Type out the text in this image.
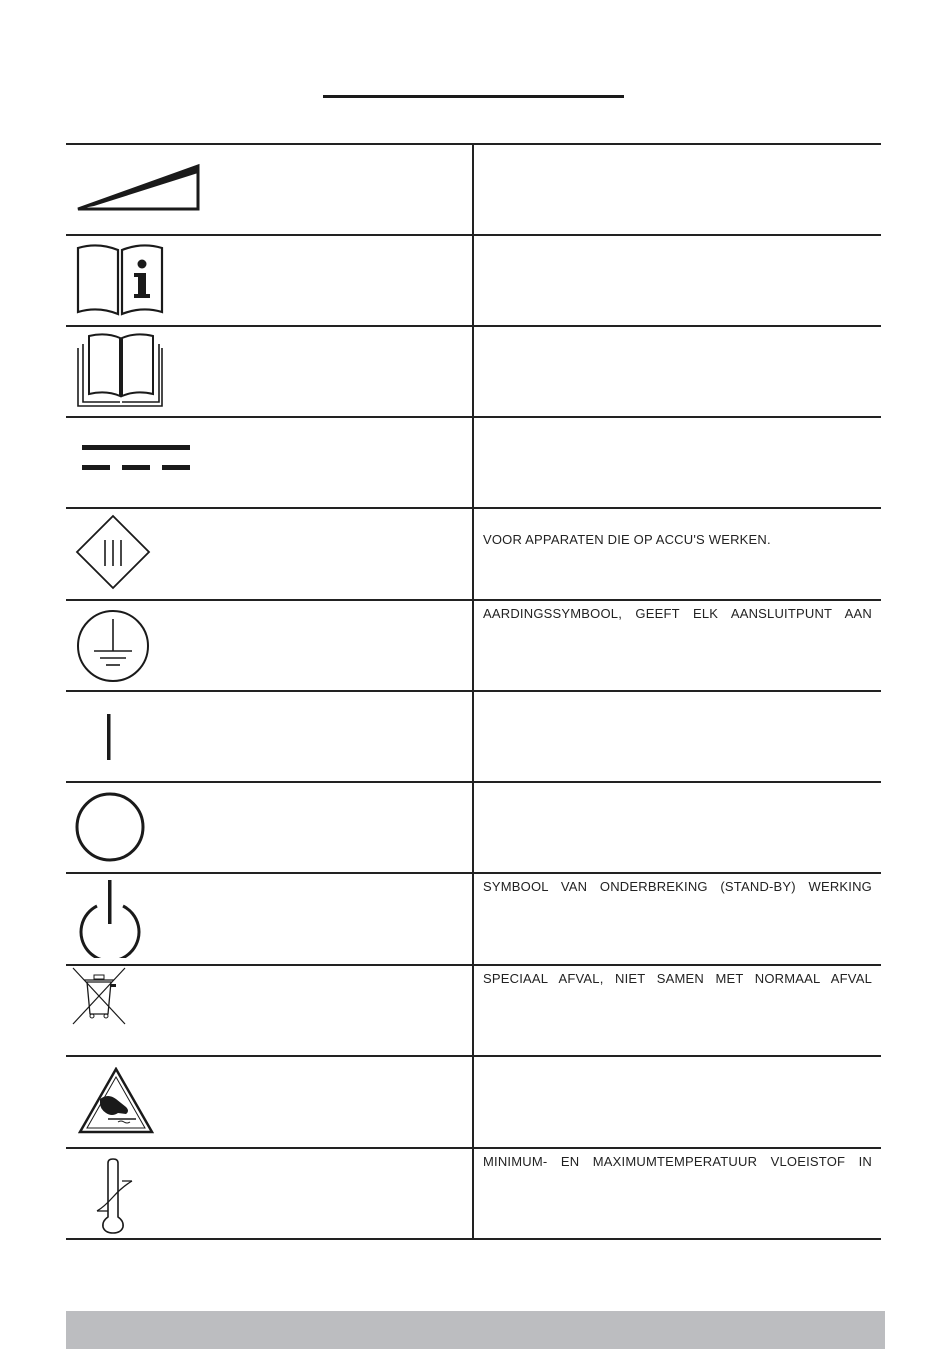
VOOR APPARATEN DIE OP ACCU'S WERKEN.
AARDINGSSYMBOOL, GEEFT ELK AANSLUITPUNT AAN
SYMBOOL VAN ONDERBREKING (STAND-BY) WERKING
SPECIAAL AFVAL, NIET SAMEN MET NORMAAL AFVAL
MINIMUM- EN MAXIMUMTEMPERATUUR VLOEISTOF IN
